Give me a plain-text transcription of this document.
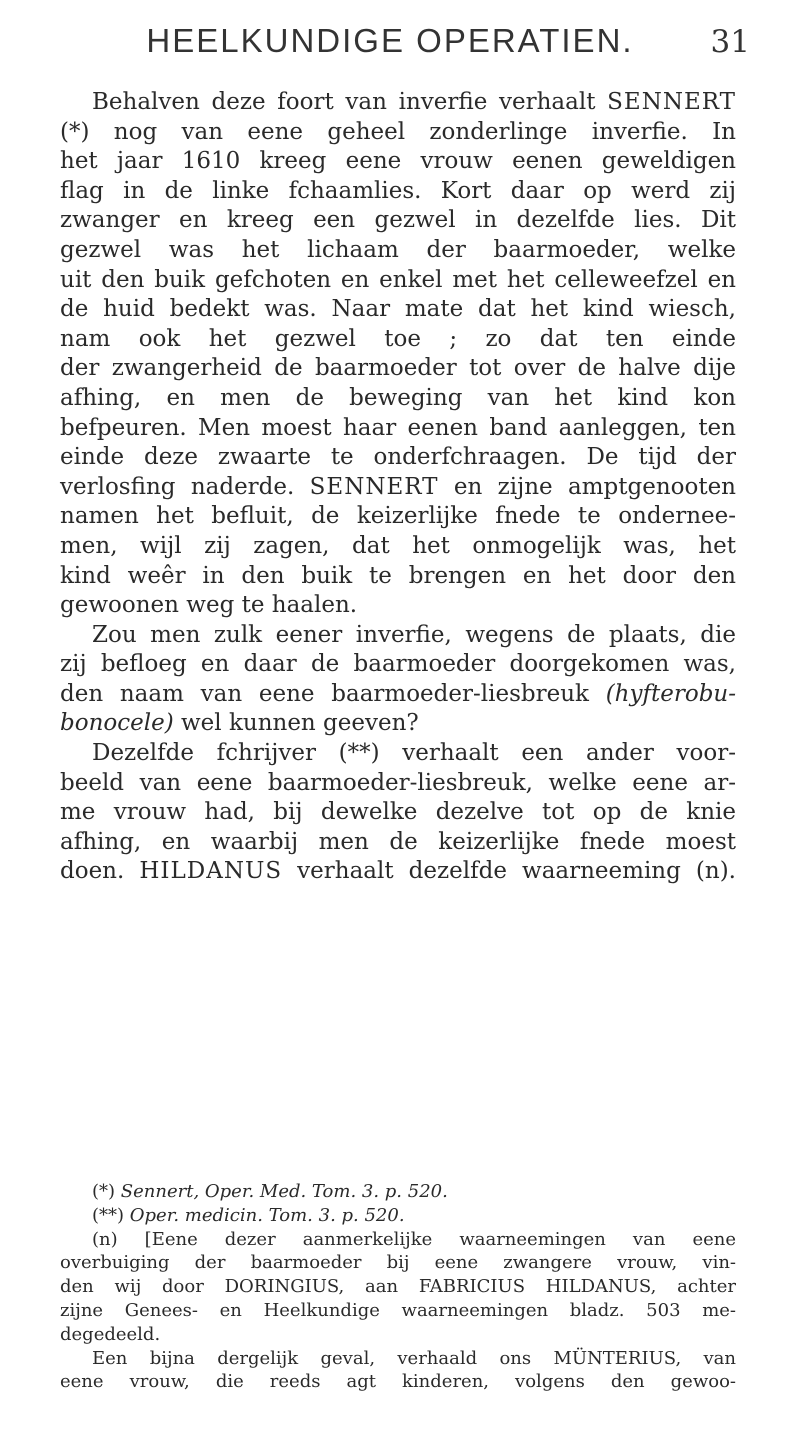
HEELKUNDIGE OPERATIEN.	31
Behalven deze foort van inverfie verhaalt SENNERT
(*) nog van eene geheel zonderlinge inverfie. In
het jaar 1610 kreeg eene vrouw eenen geweldigen
flag in de linke fchaamlies. Kort daar op werd zij
zwanger en kreeg een gezwel in dezelfde lies. Dit
gezwel was het lichaam der baarmoeder, welke
uit den buik gefchoten en enkel met het celleweefzel en
de huid bedekt was. Naar mate dat het kind wiesch,
nam ook het gezwel toe ; zo dat ten einde
der zwangerheid de baarmoeder tot over de halve dije
afhing, en men de beweging van het kind kon
befpeuren. Men moest haar eenen band aanleggen, ten
einde deze zwaarte te onderfchraagen. De tijd der
verlosfing naderde. SENNERT en zijne amptgenooten
namen het befluit, de keizerlijke fnede te ondernee-
men, wijl zij zagen, dat het onmogelijk was, het
kind weêr in den buik te brengen en het door den
gewoonen weg te haalen.
Zou men zulk eener inverfie, wegens de plaats, die
zij befloeg en daar de baarmoeder doorgekomen was,
den naam van eene baarmoeder-liesbreuk (hyfterobu-
bonocele) wel kunnen geeven?
Dezelfde fchrijver (**) verhaalt een ander voor-
beeld van eene baarmoeder-liesbreuk, welke eene ar-
me vrouw had, bij dewelke dezelve tot op de knie
afhing, en waarbij men de keizerlijke fnede moest
doen. HILDANUS verhaalt dezelfde waarneeming (n).
(*) Sennert, Oper. Med. Tom. 3. p. 520.
(**) Oper. medicin. Tom. 3. p. 520.
(n) [Eene dezer aanmerkelijke waarneemingen van eene
overbuiging der baarmoeder bij eene zwangere vrouw, vin-
den wij door DORINGIUS, aan FABRICIUS HILDANUS, achter
zijne Genees- en Heelkundige waarneemingen bladz. 503 me-
degedeeld.
Een bijna dergelijk geval, verhaald ons MÜNTERIUS, van
eene vrouw, die reeds agt kinderen, volgens den gewoo-
